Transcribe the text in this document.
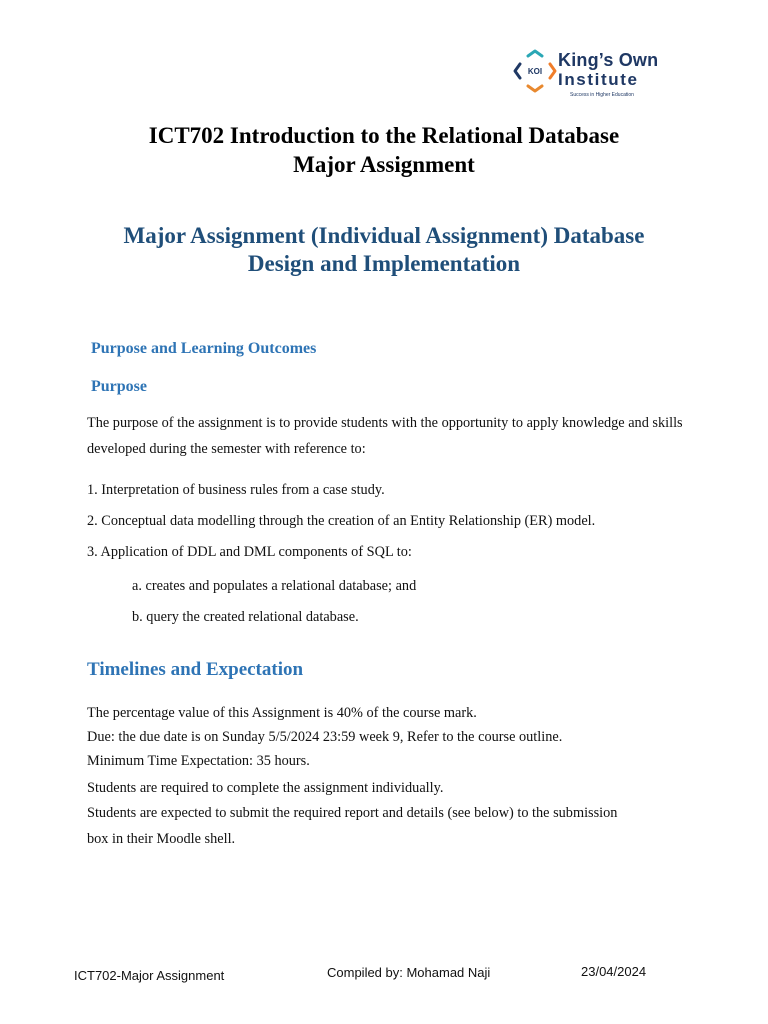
KOI
King’s Own
Institute
Success in Higher Education
ICT702 Introduction to the Relational Database
Major Assignment
Major Assignment (Individual Assignment) Database
Design and Implementation
Purpose and Learning Outcomes
Purpose
The purpose of the assignment is to provide students with the opportunity to apply knowledge and skills developed during the semester with reference to:
1. Interpretation of business rules from a case study.
2. Conceptual data modelling through the creation of an Entity Relationship (ER) model.
3. Application of DDL and DML components of SQL to:
a. creates and populates a relational database; and
b. query the created relational database.
Timelines and Expectation
The percentage value of this Assignment is 40% of the course mark.
Due: the due date is on Sunday 5/5/2024 23:59 week 9, Refer to the course outline.
Minimum Time Expectation: 35 hours.
Students are required to complete the assignment individually.
Students are expected to submit the required report and details (see below) to the submission
box in their Moodle shell.
ICT702-Major Assignment	Compiled by: Mohamad Naji	23/04/2024
